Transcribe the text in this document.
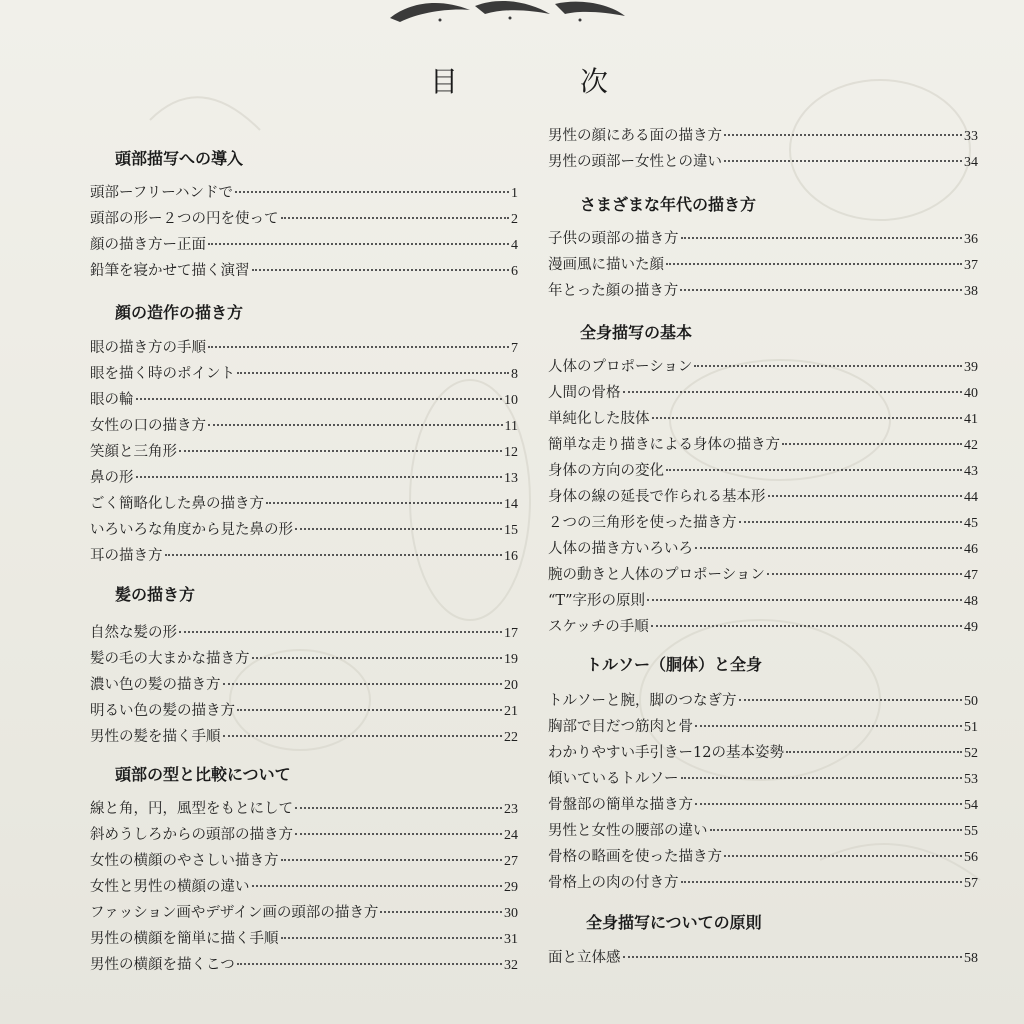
目	次
頭部描写への導入
頭部ーフリーハンドで	1
頭部の形ー２つの円を使って	2
顔の描き方ー正面	4
鉛筆を寝かせて描く演習	6
顔の造作の描き方
眼の描き方の手順	7
眼を描く時のポイント	8
眼の輪	10
女性の口の描き方	11
笑顔と三角形	12
鼻の形	13
ごく簡略化した鼻の描き方	14
いろいろな角度から見た鼻の形	15
耳の描き方	16
髪の描き方
自然な髪の形	17
髪の毛の大まかな描き方	19
濃い色の髪の描き方	20
明るい色の髪の描き方	21
男性の髪を描く手順	22
頭部の型と比較について
線と角，円，風型をもとにして	23
斜めうしろからの頭部の描き方	24
女性の横顔のやさしい描き方	27
女性と男性の横顔の違い	29
ファッション画やデザイン画の頭部の描き方	30
男性の横顔を簡単に描く手順	31
男性の横顔を描くこつ	32
男性の顔にある面の描き方	33
男性の頭部ー女性との違い	34
さまざまな年代の描き方
子供の頭部の描き方	36
漫画風に描いた顔	37
年とった顔の描き方	38
全身描写の基本
人体のプロポーション	39
人間の骨格	40
単純化した肢体	41
簡単な走り描きによる身体の描き方	42
身体の方向の変化	43
身体の線の延長で作られる基本形	44
２つの三角形を使った描き方	45
人体の描き方いろいろ	46
腕の動きと人体のプロポーション	47
“T”字形の原則	48
スケッチの手順	49
トルソー（胴体）と全身
トルソーと腕，脚のつなぎ方	50
胸部で目だつ筋肉と骨	51
わかりやすい手引きー12の基本姿勢	52
傾いているトルソー	53
骨盤部の簡単な描き方	54
男性と女性の腰部の違い	55
骨格の略画を使った描き方	56
骨格上の肉の付き方	57
全身描写についての原則
面と立体感	58
